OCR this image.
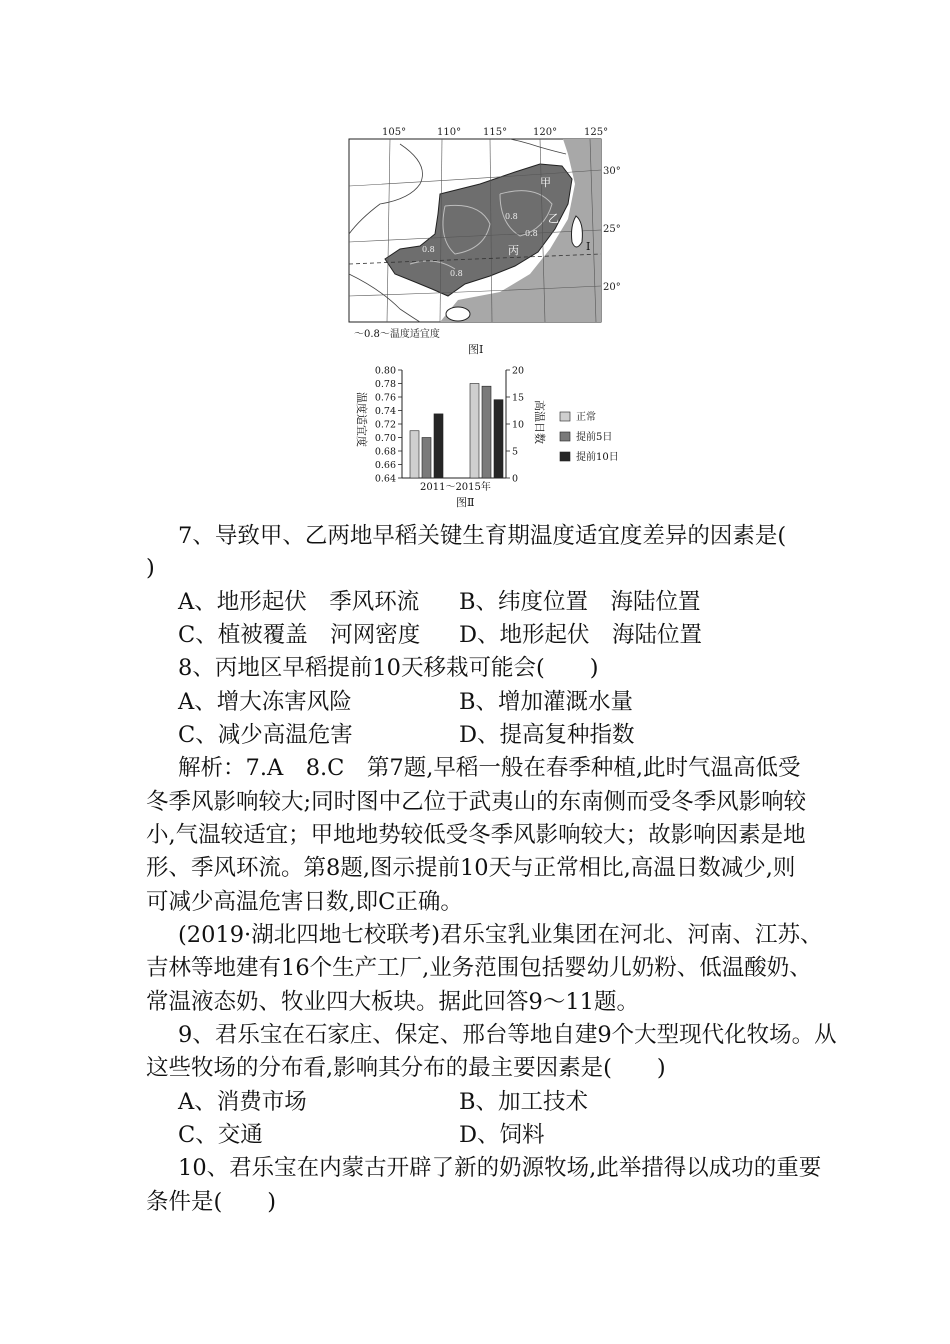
105°	110° 115°	120°	125°
甲
乙
丙
0.8
0.8
0.8
0.8
Ⅰ
30°
25°
20°
～0.8～温度适宜度
图Ⅰ
0.80
0.78
0.76
0.74
0.72
0.70
0.68
0.66
0.64
20
15
10
5
0
温度适宜度	高温日数
2011～2015年
图Ⅱ
正常
提前5日
提前10日
7、导致甲、乙两地早稻关键生育期温度适宜度差异的因素是(
)
A、地形起伏　季风环流 B、纬度位置　海陆位置
C、植被覆盖　河网密度 D、地形起伏　海陆位置
8、丙地区早稻提前10天移栽可能会(　　)
A、增大冻害风险	B、增加灌溉水量
C、减少高温危害	D、提高复种指数
解析：7.A　8.C　第7题,早稻一般在春季种植,此时气温高低受
冬季风影响较大;同时图中乙位于武夷山的东南侧而受冬季风影响较
小,气温较适宜；甲地地势较低受冬季风影响较大；故影响因素是地
形、季风环流。第8题,图示提前10天与正常相比,高温日数减少,则
可减少高温危害日数,即C正确。
(2019·湖北四地七校联考)君乐宝乳业集团在河北、河南、江苏、
吉林等地建有16个生产工厂,业务范围包括婴幼儿奶粉、低温酸奶、
常温液态奶、牧业四大板块。据此回答9～11题。
9、君乐宝在石家庄、保定、邢台等地自建9个大型现代化牧场。从
这些牧场的分布看,影响其分布的最主要因素是(　　)
A、消费市场	B、加工技术
C、交通	D、饲料
10、君乐宝在内蒙古开辟了新的奶源牧场,此举措得以成功的重要
条件是(　　)
